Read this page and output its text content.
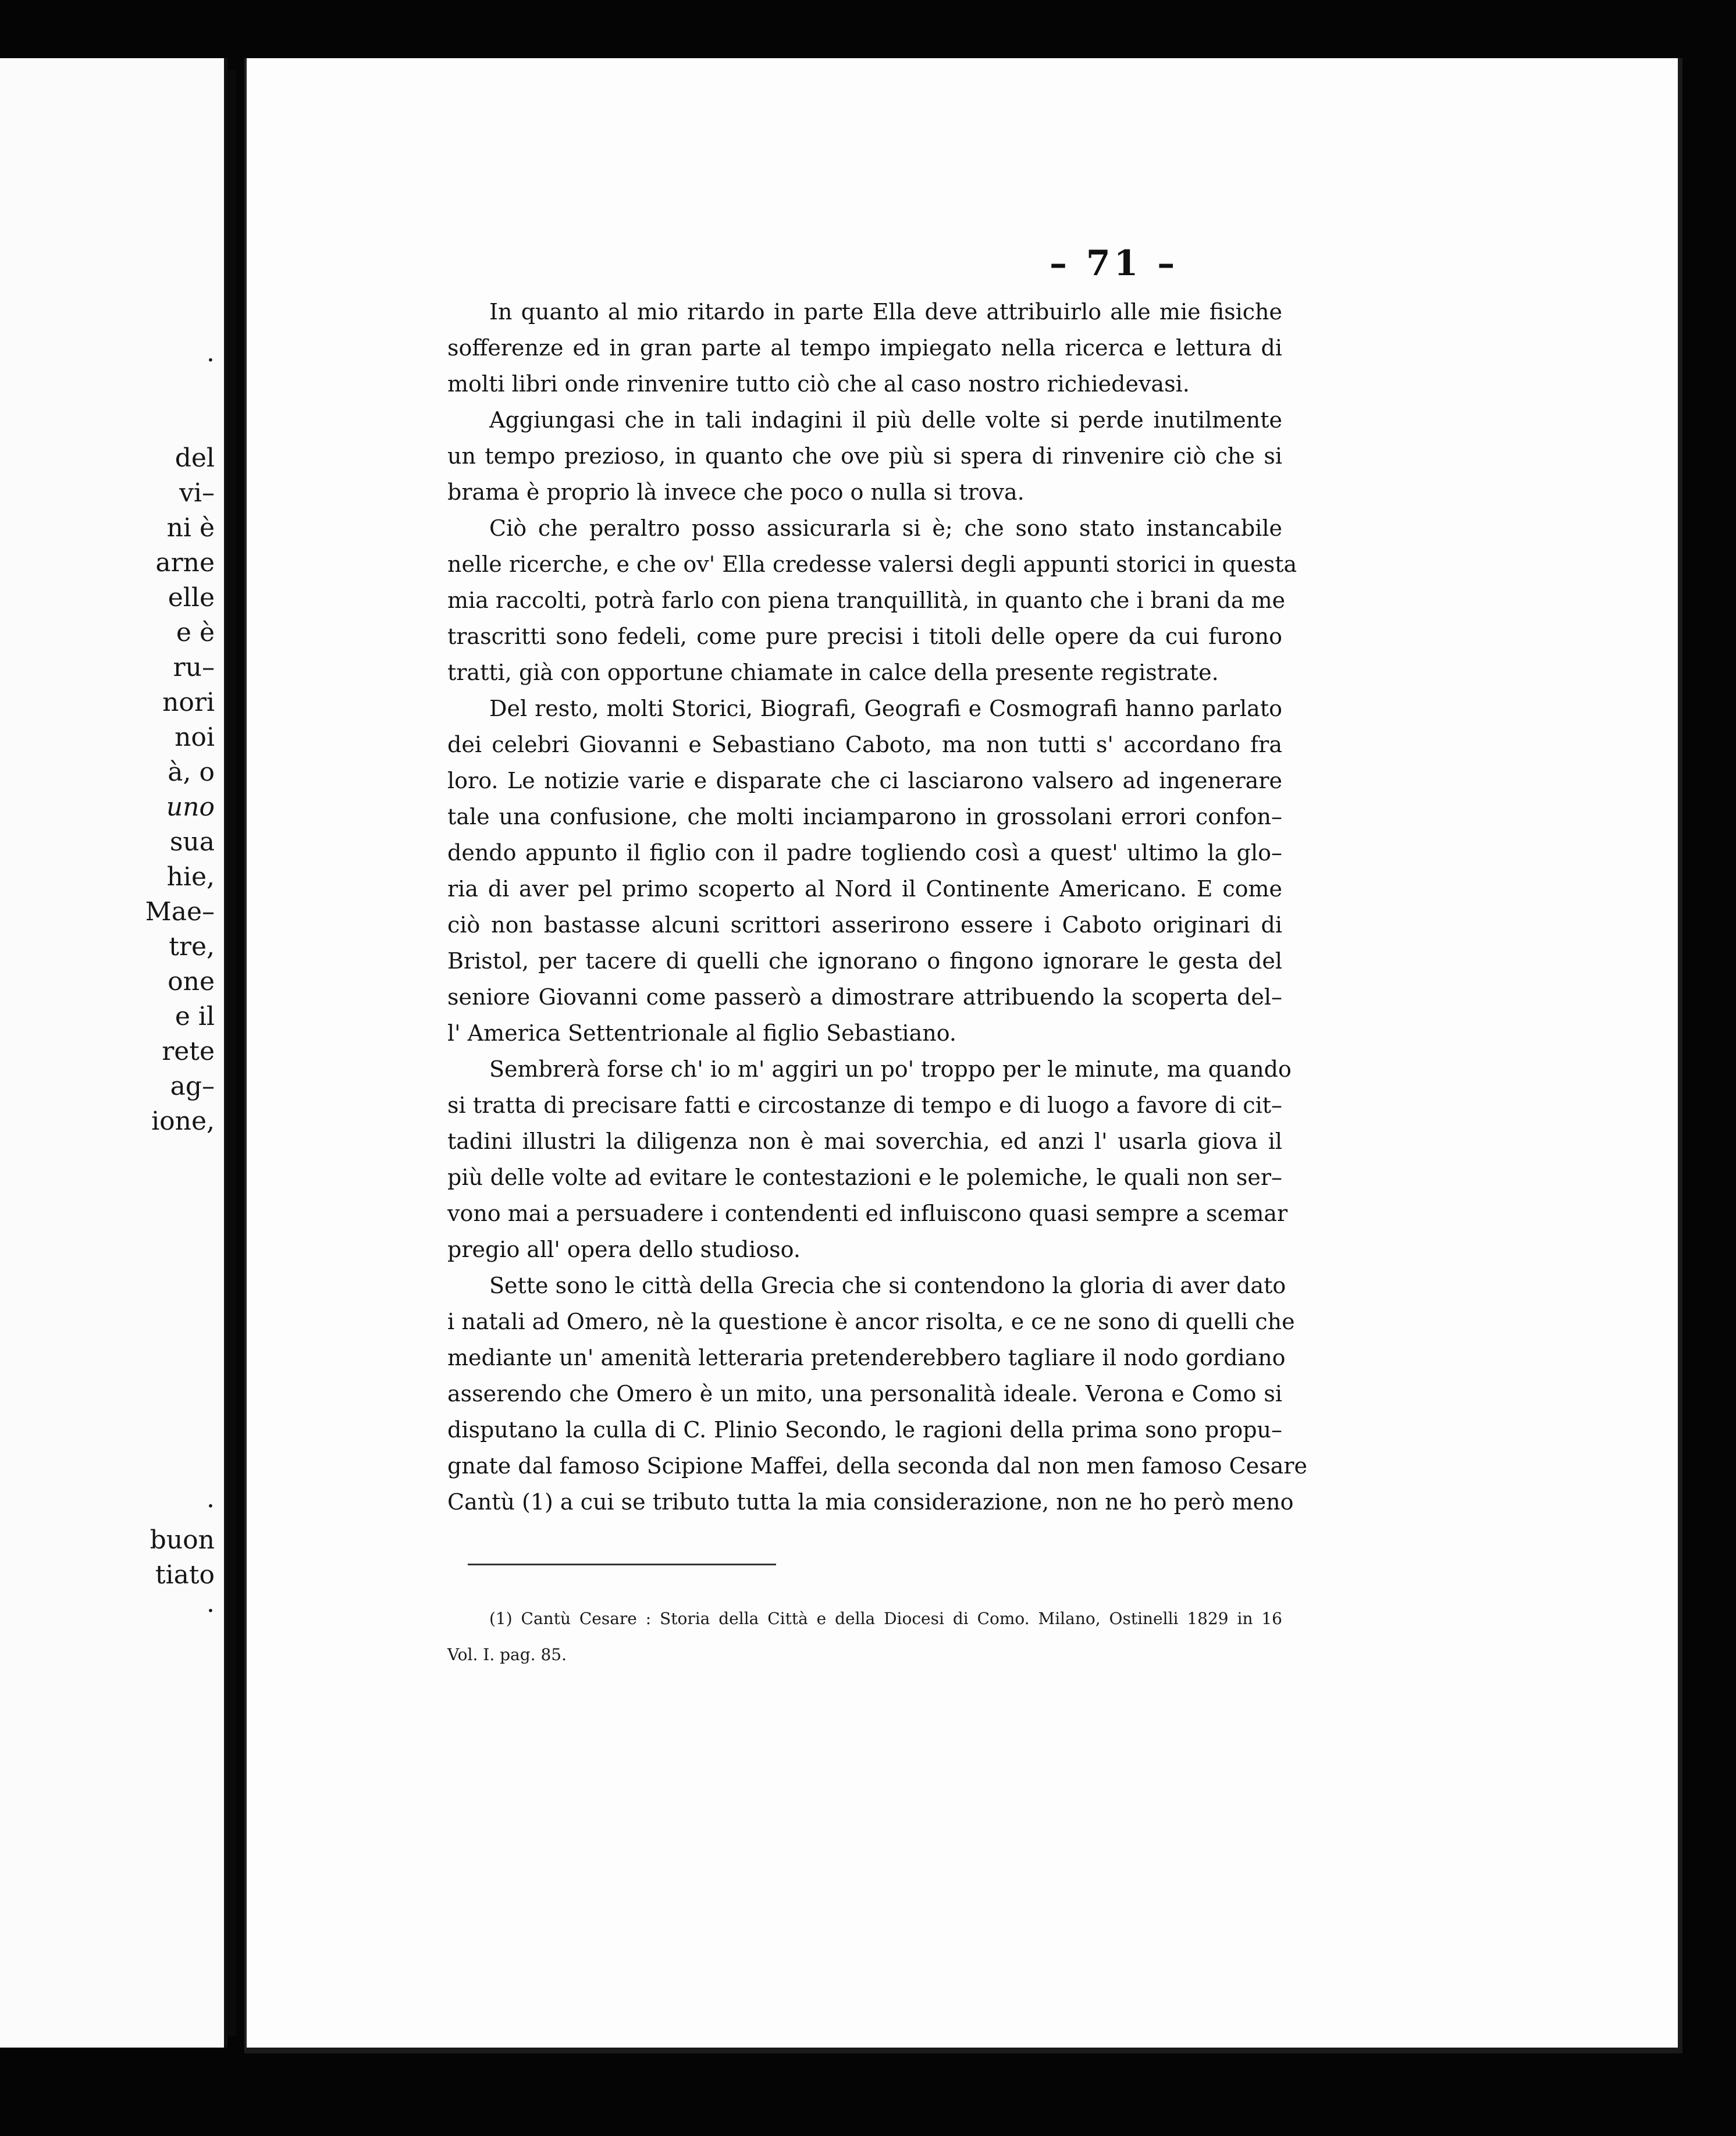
·
del
vi–
ni è
arne
elle
e è
ru–
nori
noi
à, o
uno
sua
hie,
Mae–
tre,
one
e il
rete
ag–
ione,
·
buon
tiato
·
– 71 –
In quanto al mio ritardo in parte Ella deve attribuirlo alle mie fisiche
sofferenze ed in gran parte al tempo impiegato nella ricerca e lettura di
molti libri onde rinvenire tutto ciò che al caso nostro richiedevasi.
Aggiungasi che in tali indagini il più delle volte si perde inutilmente
un tempo prezioso, in quanto che ove più si spera di rinvenire ciò che si
brama è proprio là invece che poco o nulla si trova.
Ciò che peraltro posso assicurarla si è; che sono stato instancabile
nelle ricerche, e che ov' Ella credesse valersi degli appunti storici in questa
mia raccolti, potrà farlo con piena tranquillità, in quanto che i brani da me
trascritti sono fedeli, come pure precisi i titoli delle opere da cui furono
tratti, già con opportune chiamate in calce della presente registrate.
Del resto, molti Storici, Biografi, Geografi e Cosmografi hanno parlato
dei celebri Giovanni e Sebastiano Caboto, ma non tutti s' accordano fra
loro. Le notizie varie e disparate che ci lasciarono valsero ad ingenerare
tale una confusione, che molti inciamparono in grossolani errori confon–
dendo appunto il figlio con il padre togliendo così a quest' ultimo la glo–
ria di aver pel primo scoperto al Nord il Continente Americano. E come
ciò non bastasse alcuni scrittori asserirono essere i Caboto originari di
Bristol, per tacere di quelli che ignorano o fingono ignorare le gesta del
seniore Giovanni come passerò a dimostrare attribuendo la scoperta del–
l' America Settentrionale al figlio Sebastiano.
Sembrerà forse ch' io m' aggiri un po' troppo per le minute, ma quando
si tratta di precisare fatti e circostanze di tempo e di luogo a favore di cit–
tadini illustri la diligenza non è mai soverchia, ed anzi l' usarla giova il
più delle volte ad evitare le contestazioni e le polemiche, le quali non ser–
vono mai a persuadere i contendenti ed influiscono quasi sempre a scemar
pregio all' opera dello studioso.
Sette sono le città della Grecia che si contendono la gloria di aver dato
i natali ad Omero, nè la questione è ancor risolta, e ce ne sono di quelli che
mediante un' amenità letteraria pretenderebbero tagliare il nodo gordiano
asserendo che Omero è un mito, una personalità ideale. Verona e Como si
disputano la culla di C. Plinio Secondo, le ragioni della prima sono propu–
gnate dal famoso Scipione Maffei, della seconda dal non men famoso Cesare
Cantù (1) a cui se tributo tutta la mia considerazione, non ne ho però meno
(1) Cantù Cesare : Storia della Città e della Diocesi di Como. Milano, Ostinelli 1829 in 16
Vol. I. pag. 85.
